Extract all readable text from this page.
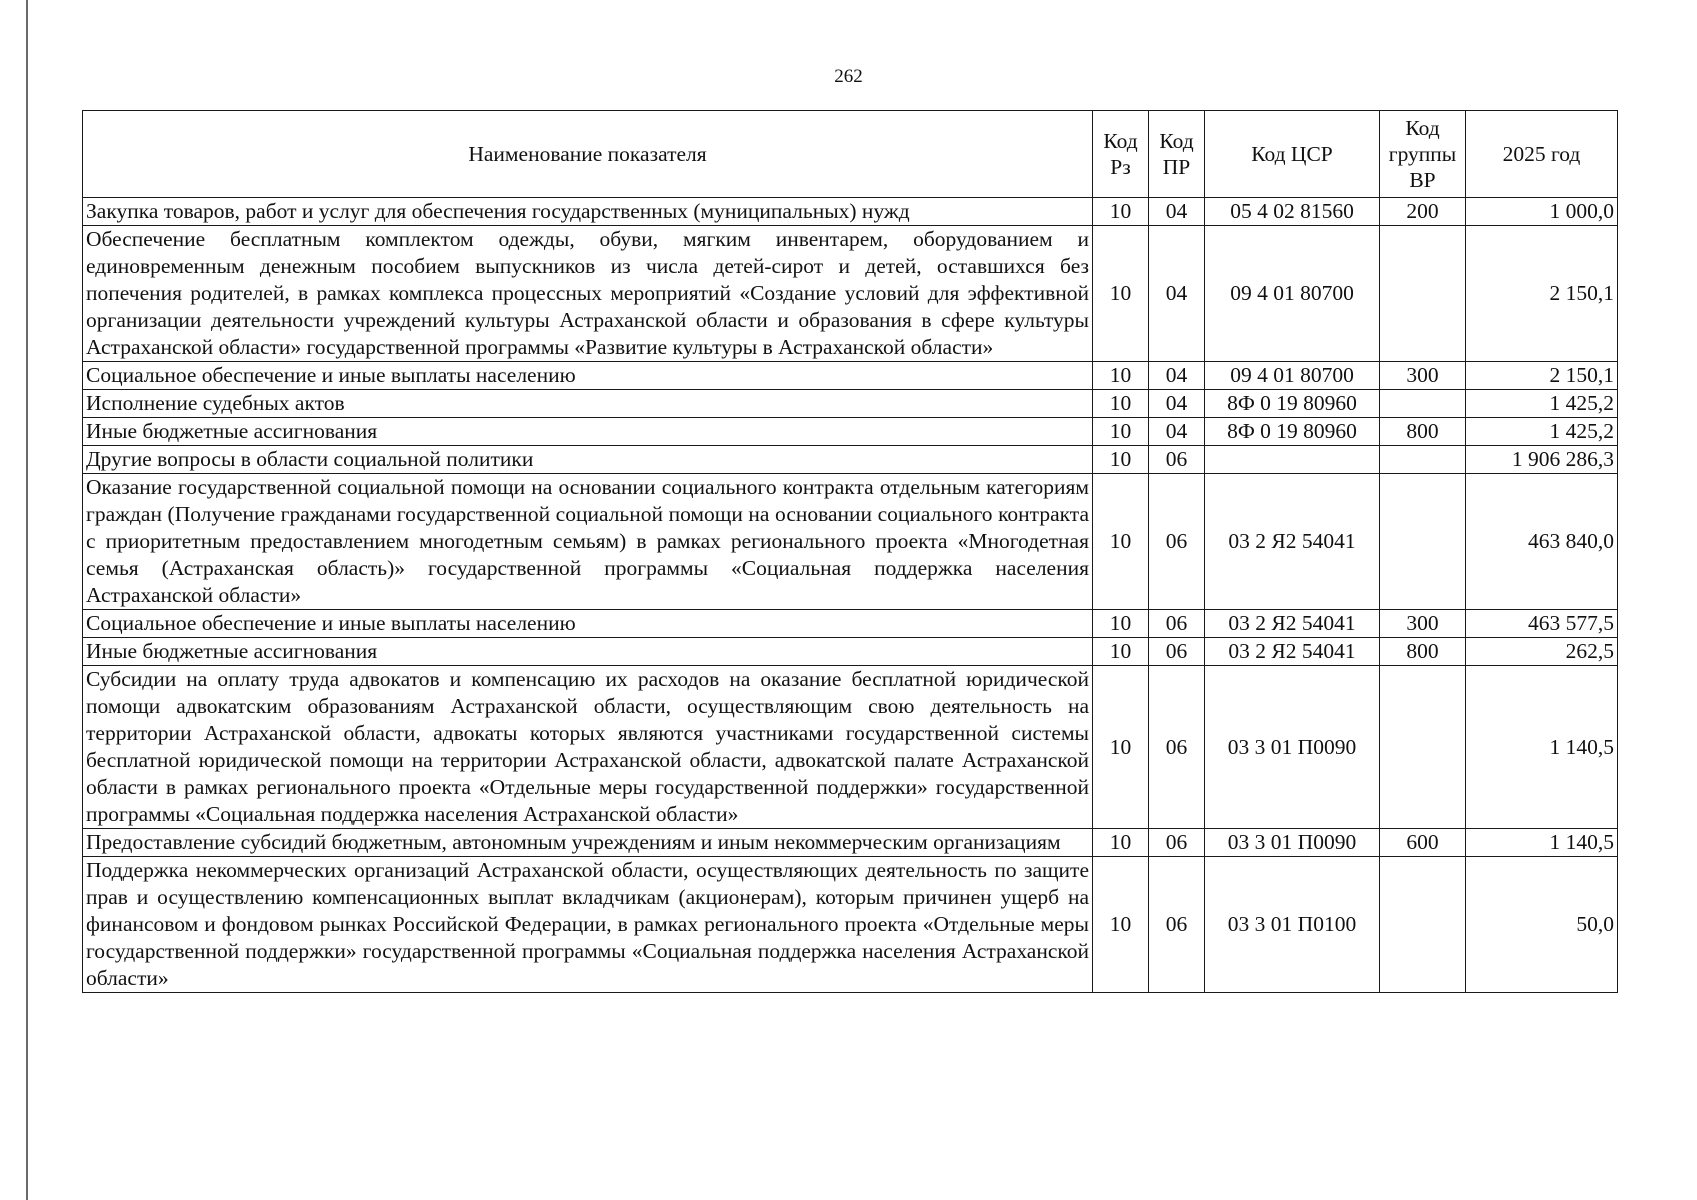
262
Наименование показателя	Код Рз	Код ПР	Код ЦСР	Код группы ВР	2025 год
Закупка товаров, работ и услуг для обеспечения государственных (муниципальных) нужд	10	04	05 4 02 81560	200	1 000,0
Обеспечение бесплатным комплектом одежды, обуви, мягким инвентарем, оборудованием и единовременным денежным пособием выпускников из числа детей-сирот и детей, оставшихся без попечения родителей, в рамках комплекса процессных мероприятий «Создание условий для эффективной организации деятельности учреждений культуры Астраханской области и образования в сфере культуры Астраханской области» государственной программы «Развитие культуры в Астраханской области»	10	04	09 4 01 80700		2 150,1
Социальное обеспечение и иные выплаты населению	10	04	09 4 01 80700	300	2 150,1
Исполнение судебных актов	10	04	8Ф 0 19 80960		1 425,2
Иные бюджетные ассигнования	10	04	8Ф 0 19 80960	800	1 425,2
Другие вопросы в области социальной политики	10	06			1 906 286,3
Оказание государственной социальной помощи на основании социального контракта отдельным категориям граждан (Получение гражданами государственной социальной помощи на основании социального контракта с приоритетным предоставлением многодетным семьям) в рамках регионального проекта «Многодетная семья (Астраханская область)» государственной программы «Социальная поддержка населения Астраханской области»	10	06	03 2 Я2 54041		463 840,0
Социальное обеспечение и иные выплаты населению	10	06	03 2 Я2 54041	300	463 577,5
Иные бюджетные ассигнования	10	06	03 2 Я2 54041	800	262,5
Субсидии на оплату труда адвокатов и компенсацию их расходов на оказание бесплатной юридической помощи адвокатским образованиям Астраханской области, осуществляющим свою деятельность на территории Астраханской области, адвокаты которых являются участниками государственной системы бесплатной юридической помощи на территории Астраханской области, адвокатской палате Астраханской области в рамках регионального проекта «Отдельные меры государственной поддержки» государственной программы «Социальная поддержка населения Астраханской области»	10	06	03 3 01 П0090		1 140,5
Предоставление субсидий бюджетным, автономным учреждениям и иным некоммерческим организациям	10	06	03 3 01 П0090	600	1 140,5
Поддержка некоммерческих организаций Астраханской области, осуществляющих деятельность по защите прав и осуществлению компенсационных выплат вкладчикам (акционерам), которым причинен ущерб на финансовом и фондовом рынках Российской Федерации, в рамках регионального проекта «Отдельные меры государственной поддержки» государственной программы «Социальная поддержка населения Астраханской области»	10	06	03 3 01 П0100		50,0
